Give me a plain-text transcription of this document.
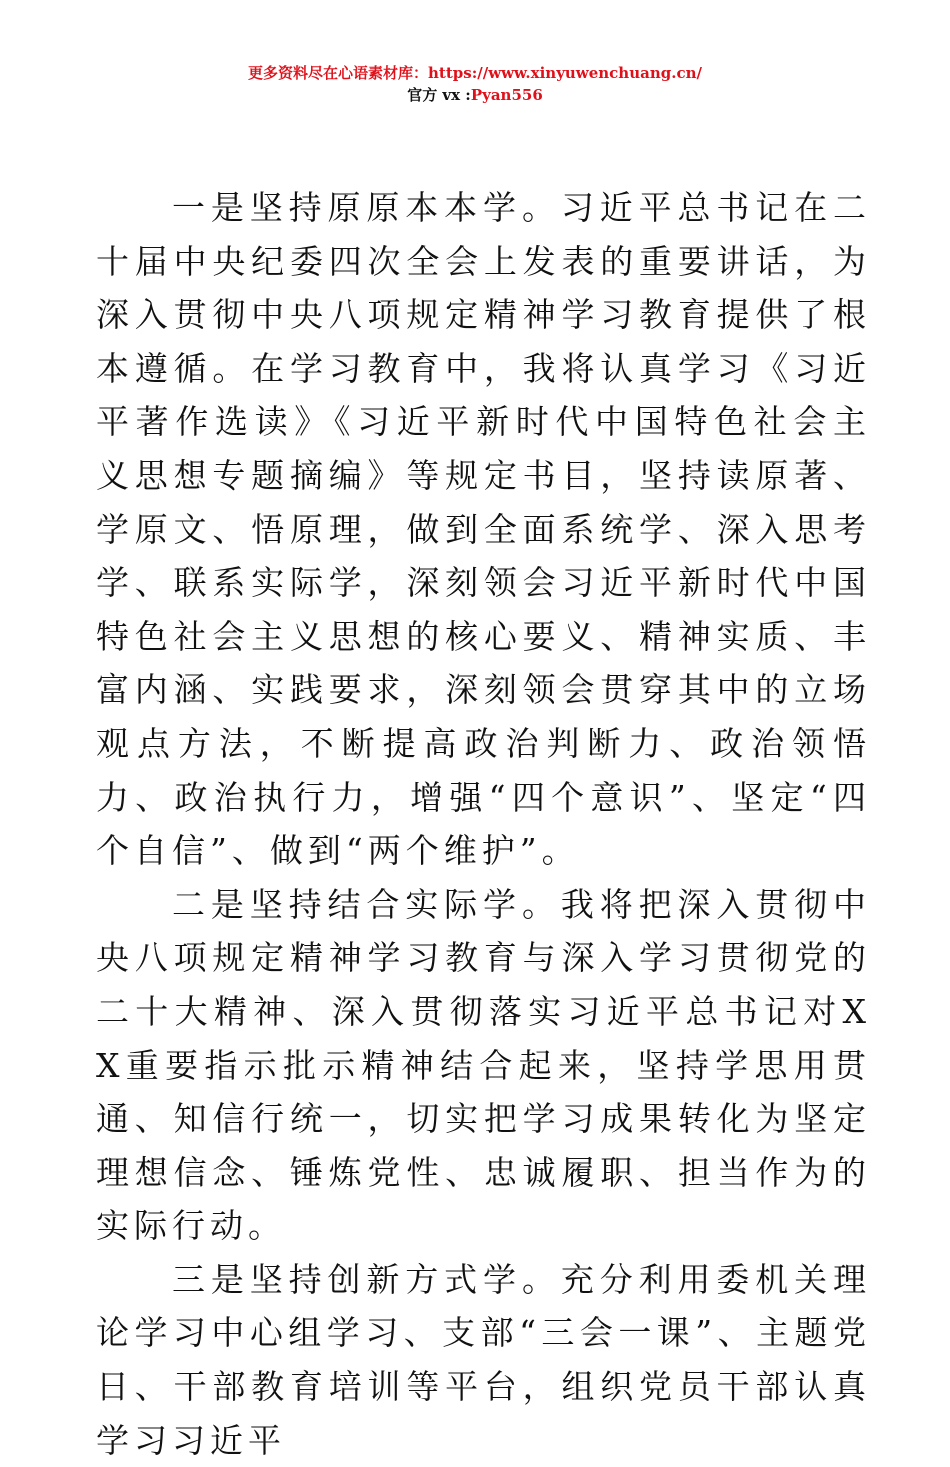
更多资料尽在心语素材库：https://www.xinyuwenchuang.cn/
官方 vx :Pyan556

一是坚持原原本本学。习近平总书记在二十届中央纪委四次全会上发表的重要讲话，为深入贯彻中央八项规定精神学习教育提供了根本遵循。在学习教育中，我将认真学习《习近平著作选读》《习近平新时代中国特色社会主义思想专题摘编》等规定书目，坚持读原著、学原文、悟原理，做到全面系统学、深入思考学、联系实际学，深刻领会习近平新时代中国特色社会主义思想的核心要义、精神实质、丰富内涵、实践要求，深刻领会贯穿其中的立场观点方法，不断提高政治判断力、政治领悟力、政治执行力，增强“四个意识”、坚定“四个自信”、做到“两个维护”。

二是坚持结合实际学。我将把深入贯彻中央八项规定精神学习教育与深入学习贯彻党的二十大精神、深入贯彻落实习近平总书记对XX重要指示批示精神结合起来，坚持学思用贯通、知信行统一，切实把学习成果转化为坚定理想信念、锤炼党性、忠诚履职、担当作为的实际行动。

三是坚持创新方式学。充分利用委机关理论学习中心组学习、支部“三会一课”、主题党日、干部教育培训等平台，组织党员干部认真学习习近平
